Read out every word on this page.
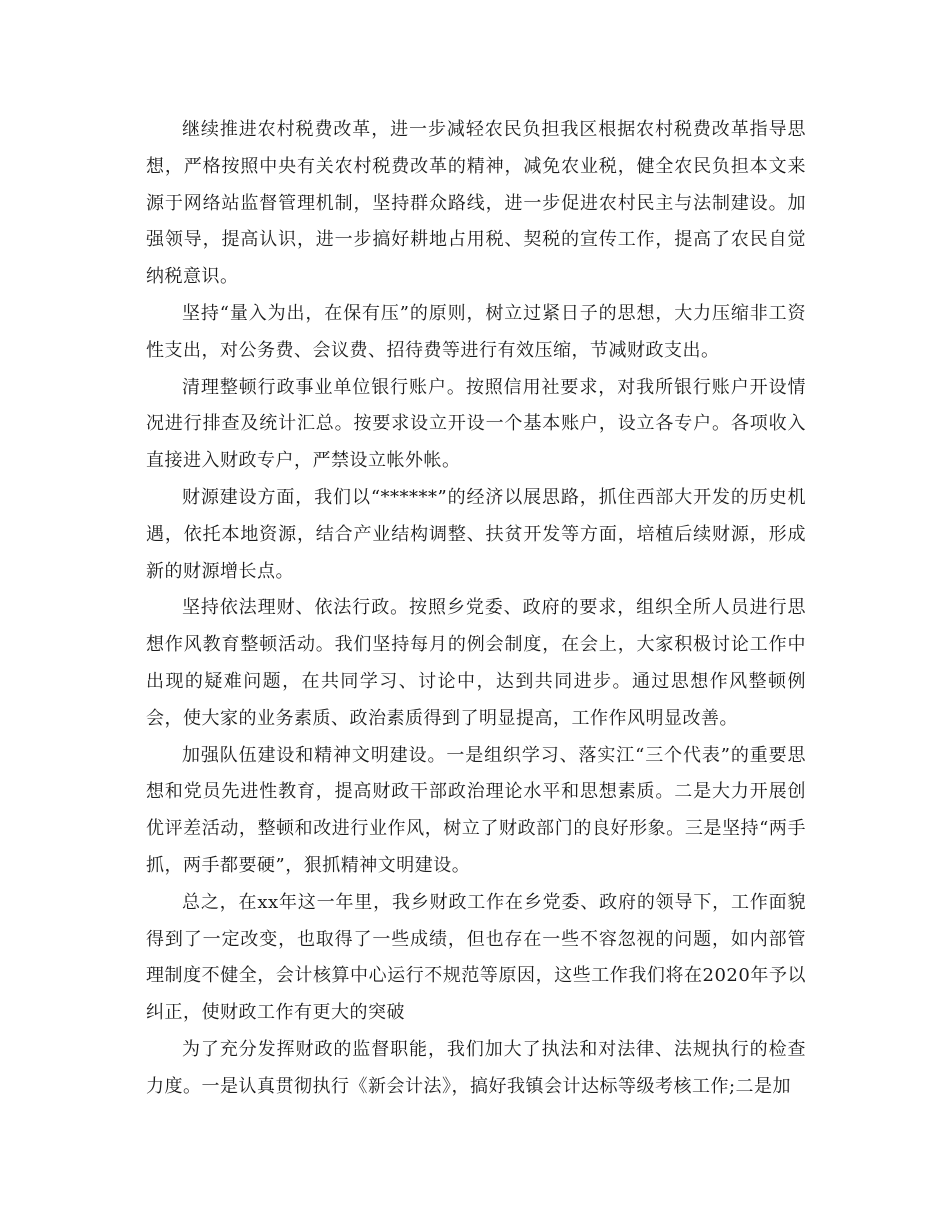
继续推进农村税费改革，进一步减轻农民负担我区根据农村税费改革指导思想，严格按照中央有关农村税费改革的精神，减免农业税，健全农民负担本文来源于网络站监督管理机制，坚持群众路线，进一步促进农村民主与法制建设。加强领导，提高认识，进一步搞好耕地占用税、契税的宣传工作，提高了农民自觉纳税意识。

坚持“量入为出，在保有压”的原则，树立过紧日子的思想，大力压缩非工资性支出，对公务费、会议费、招待费等进行有效压缩，节减财政支出。

清理整顿行政事业单位银行账户。按照信用社要求，对我所银行账户开设情况进行排查及统计汇总。按要求设立开设一个基本账户，设立各专户。各项收入直接进入财政专户，严禁设立帐外帐。

财源建设方面，我们以“******”的经济以展思路，抓住西部大开发的历史机遇，依托本地资源，结合产业结构调整、扶贫开发等方面，培植后续财源，形成新的财源增长点。

坚持依法理财、依法行政。按照乡党委、政府的要求，组织全所人员进行思想作风教育整顿活动。我们坚持每月的例会制度，在会上，大家积极讨论工作中出现的疑难问题，在共同学习、讨论中，达到共同进步。通过思想作风整顿例会，使大家的业务素质、政治素质得到了明显提高，工作作风明显改善。

加强队伍建设和精神文明建设。一是组织学习、落实江“三个代表”的重要思想和党员先进性教育，提高财政干部政治理论水平和思想素质。二是大力开展创优评差活动，整顿和改进行业作风，树立了财政部门的良好形象。三是坚持“两手抓，两手都要硬”，狠抓精神文明建设。

总之，在xx年这一年里，我乡财政工作在乡党委、政府的领导下，工作面貌得到了一定改变，也取得了一些成绩，但也存在一些不容忽视的问题，如内部管理制度不健全，会计核算中心运行不规范等原因，这些工作我们将在2020年予以纠正，使财政工作有更大的突破

为了充分发挥财政的监督职能，我们加大了执法和对法律、法规执行的检查力度。一是认真贯彻执行《新会计法》，搞好我镇会计达标等级考核工作;二是加
